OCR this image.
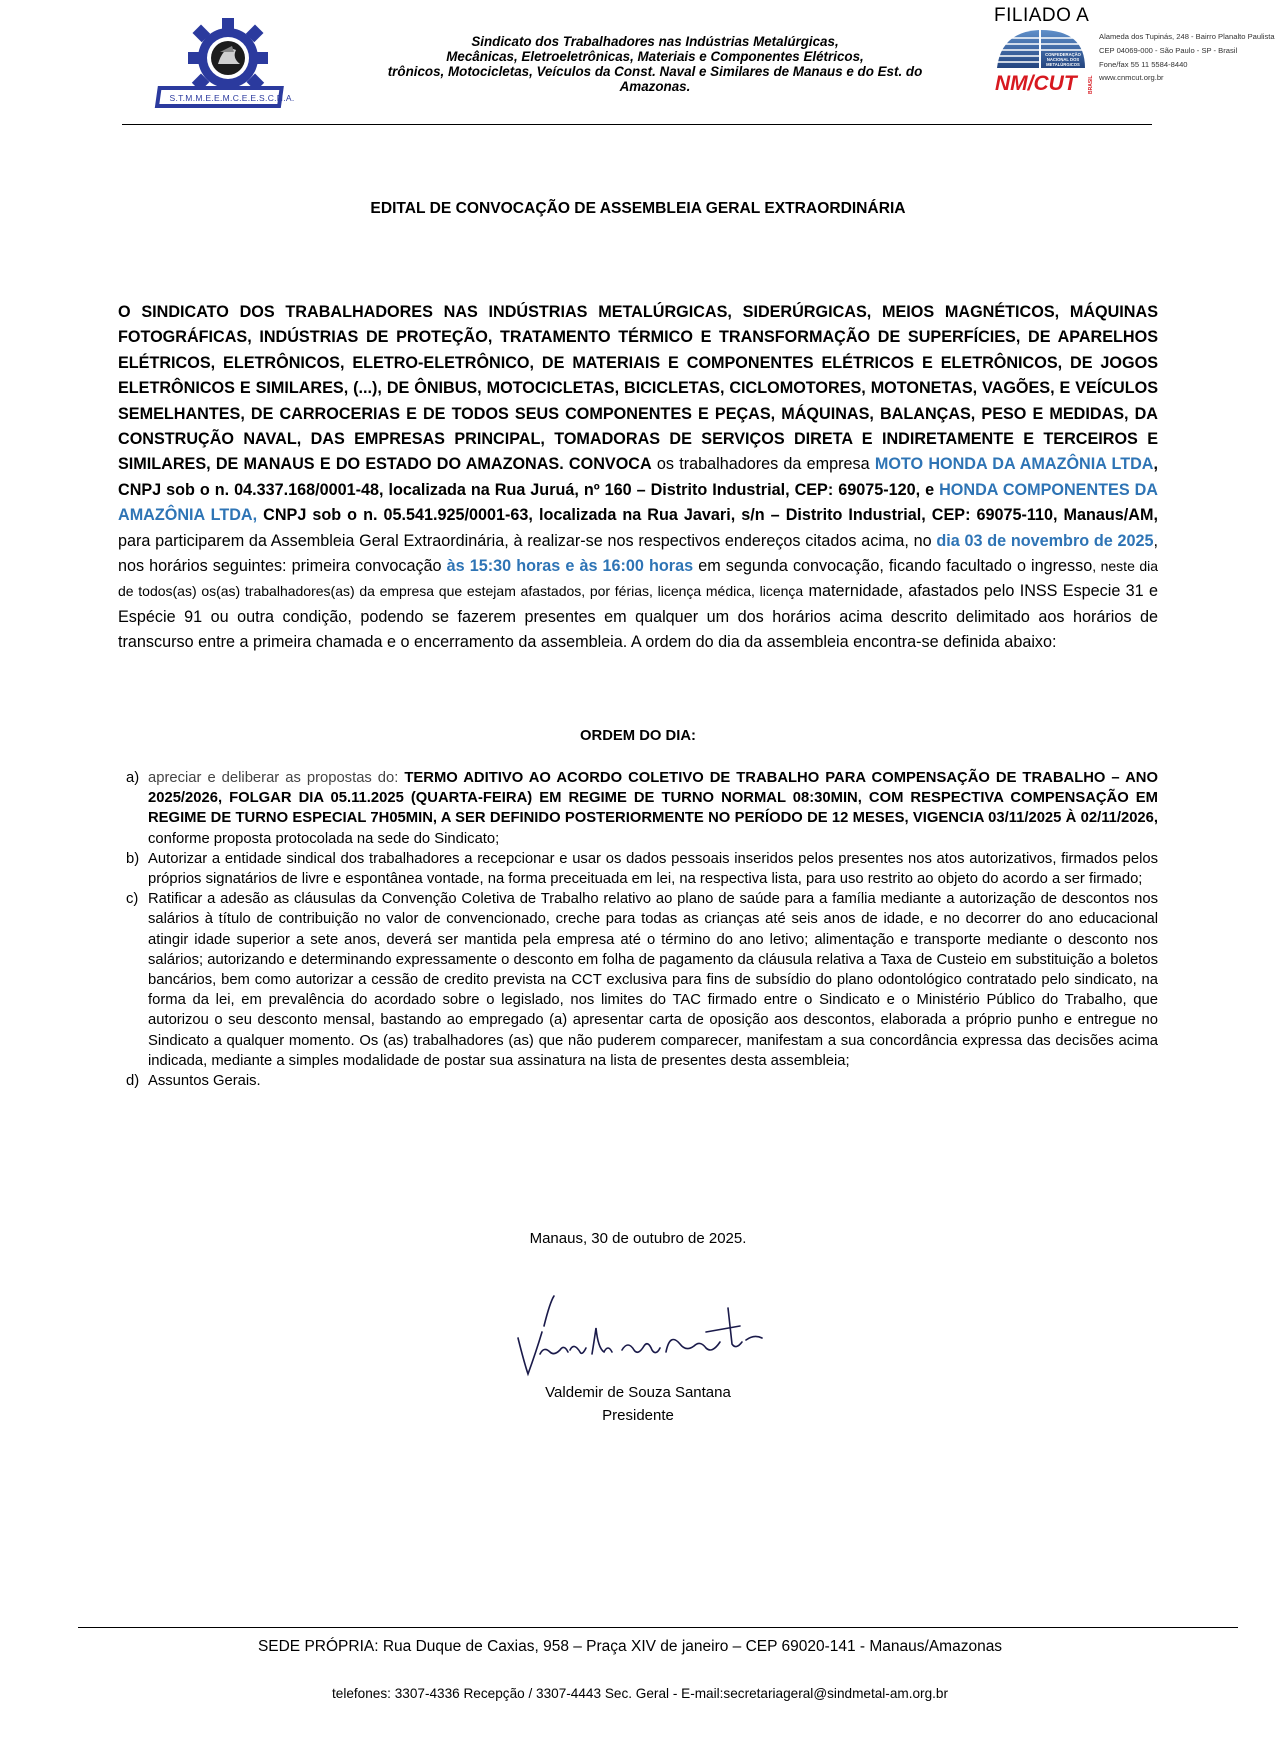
S.T.M.M.E.E.M.C.E.E.S.C.N.A.

Sindicato dos Trabalhadores nas Indústrias Metalúrgicas,
Mecânicas, Eletroeletrônicas, Materiais e Componentes Elétricos,
trônicos, Motocicletas, Veículos da Const. Naval e Similares de Manaus e do Est. do
Amazonas.

FILIADO A
CONFEDERAÇÃO
NACIONAL DOS
METALÚRGICOS
NM/CUT	BRASIL
Alameda dos Tupinás, 248 - Bairro Planalto Paulista
CEP 04069-000 - São Paulo - SP - Brasil
Fone/fax 55 11 5584-8440
www.cnmcut.org.br
EDITAL DE CONVOCAÇÃO DE ASSEMBLEIA GERAL EXTRAORDINÁRIA

O SINDICATO DOS TRABALHADORES NAS INDÚSTRIAS METALÚRGICAS, SIDERÚRGICAS, MEIOS MAGNÉTICOS, MÁQUINAS FOTOGRÁFICAS, INDÚSTRIAS DE PROTEÇÃO, TRATAMENTO TÉRMICO E TRANSFORMAÇÃO DE SUPERFÍCIES, DE APARELHOS ELÉTRICOS, ELETRÔNICOS, ELETRO-ELETRÔNICO, DE MATERIAIS E COMPONENTES ELÉTRICOS E ELETRÔNICOS, DE JOGOS ELETRÔNICOS E SIMILARES, (...), DE ÔNIBUS, MOTOCICLETAS, BICICLETAS, CICLOMOTORES, MOTONETAS, VAGÕES, E VEÍCULOS SEMELHANTES, DE CARROCERIAS E DE TODOS SEUS COMPONENTES E PEÇAS, MÁQUINAS, BALANÇAS, PESO E MEDIDAS, DA CONSTRUÇÃO NAVAL, DAS EMPRESAS PRINCIPAL, TOMADORAS DE SERVIÇOS DIRETA E INDIRETAMENTE E TERCEIROS E SIMILARES, DE MANAUS E DO ESTADO DO AMAZONAS. CONVOCA os trabalhadores da empresa MOTO HONDA DA AMAZÔNIA LTDA, CNPJ sob o n. 04.337.168/0001-48, localizada na Rua Juruá, nº 160 – Distrito Industrial, CEP: 69075-120, e HONDA COMPONENTES DA AMAZÔNIA LTDA, CNPJ sob o n. 05.541.925/0001-63, localizada na Rua Javari, s/n – Distrito Industrial, CEP: 69075-110, Manaus/AM, para participarem da Assembleia Geral Extraordinária, à realizar-se nos respectivos endereços citados acima, no dia 03 de novembro de 2025, nos horários seguintes: primeira convocação às 15:30 horas e às 16:00 horas em segunda convocação, ficando facultado o ingresso, neste dia de todos(as) os(as) trabalhadores(as) da empresa que estejam afastados, por férias, licença médica, licença maternidade, afastados pelo INSS Especie 31 e Espécie 91 ou outra condição, podendo se fazerem presentes em qualquer um dos horários acima descrito delimitado aos horários de transcurso entre a primeira chamada e o encerramento da assembleia. A ordem do dia da assembleia encontra-se definida abaixo:

ORDEM DO DIA:
a) apreciar e deliberar as propostas do: TERMO ADITIVO AO ACORDO COLETIVO DE TRABALHO PARA COMPENSAÇÃO DE TRABALHO – ANO 2025/2026, FOLGAR DIA 05.11.2025 (QUARTA-FEIRA) EM REGIME DE TURNO NORMAL 08:30MIN, COM RESPECTIVA COMPENSAÇÃO EM REGIME DE TURNO ESPECIAL 7H05MIN, A SER DEFINIDO POSTERIORMENTE NO PERÍODO DE 12 MESES, VIGENCIA 03/11/2025 À 02/11/2026, conforme proposta protocolada na sede do Sindicato;
b) Autorizar a entidade sindical dos trabalhadores a recepcionar e usar os dados pessoais inseridos pelos presentes nos atos autorizativos, firmados pelos próprios signatários de livre e espontânea vontade, na forma preceituada em lei, na respectiva lista, para uso restrito ao objeto do acordo a ser firmado;
c) Ratificar a adesão as cláusulas da Convenção Coletiva de Trabalho relativo ao plano de saúde para a família mediante a autorização de descontos nos salários à título de contribuição no valor de convencionado, creche para todas as crianças até seis anos de idade, e no decorrer do ano educacional atingir idade superior a sete anos, deverá ser mantida pela empresa até o término do ano letivo; alimentação e transporte mediante o desconto nos salários; autorizando e determinando expressamente o desconto em folha de pagamento da cláusula relativa a Taxa de Custeio em substituição a boletos bancários, bem como autorizar a cessão de credito prevista na CCT exclusiva para fins de subsídio do plano odontológico contratado pelo sindicato, na forma da lei, em prevalência do acordado sobre o legislado, nos limites do TAC firmado entre o Sindicato e o Ministério Público do Trabalho, que autorizou o seu desconto mensal, bastando ao empregado (a) apresentar carta de oposição aos descontos, elaborada a próprio punho e entregue no Sindicato a qualquer momento. Os (as) trabalhadores (as) que não puderem comparecer, manifestam a sua concordância expressa das decisões acima indicada, mediante a simples modalidade de postar sua assinatura na lista de presentes desta assembleia;
d) Assuntos Gerais.

Manaus, 30 de outubro de 2025.

Valdemir de Souza Santana

Presidente

SEDE PRÓPRIA: Rua Duque de Caxias, 958 – Praça XIV de janeiro – CEP 69020-141 - Manaus/Amazonas

telefones: 3307-4336 Recepção / 3307-4443 Sec. Geral - E-mail:secretariageral@sindmetal-am.org.br
